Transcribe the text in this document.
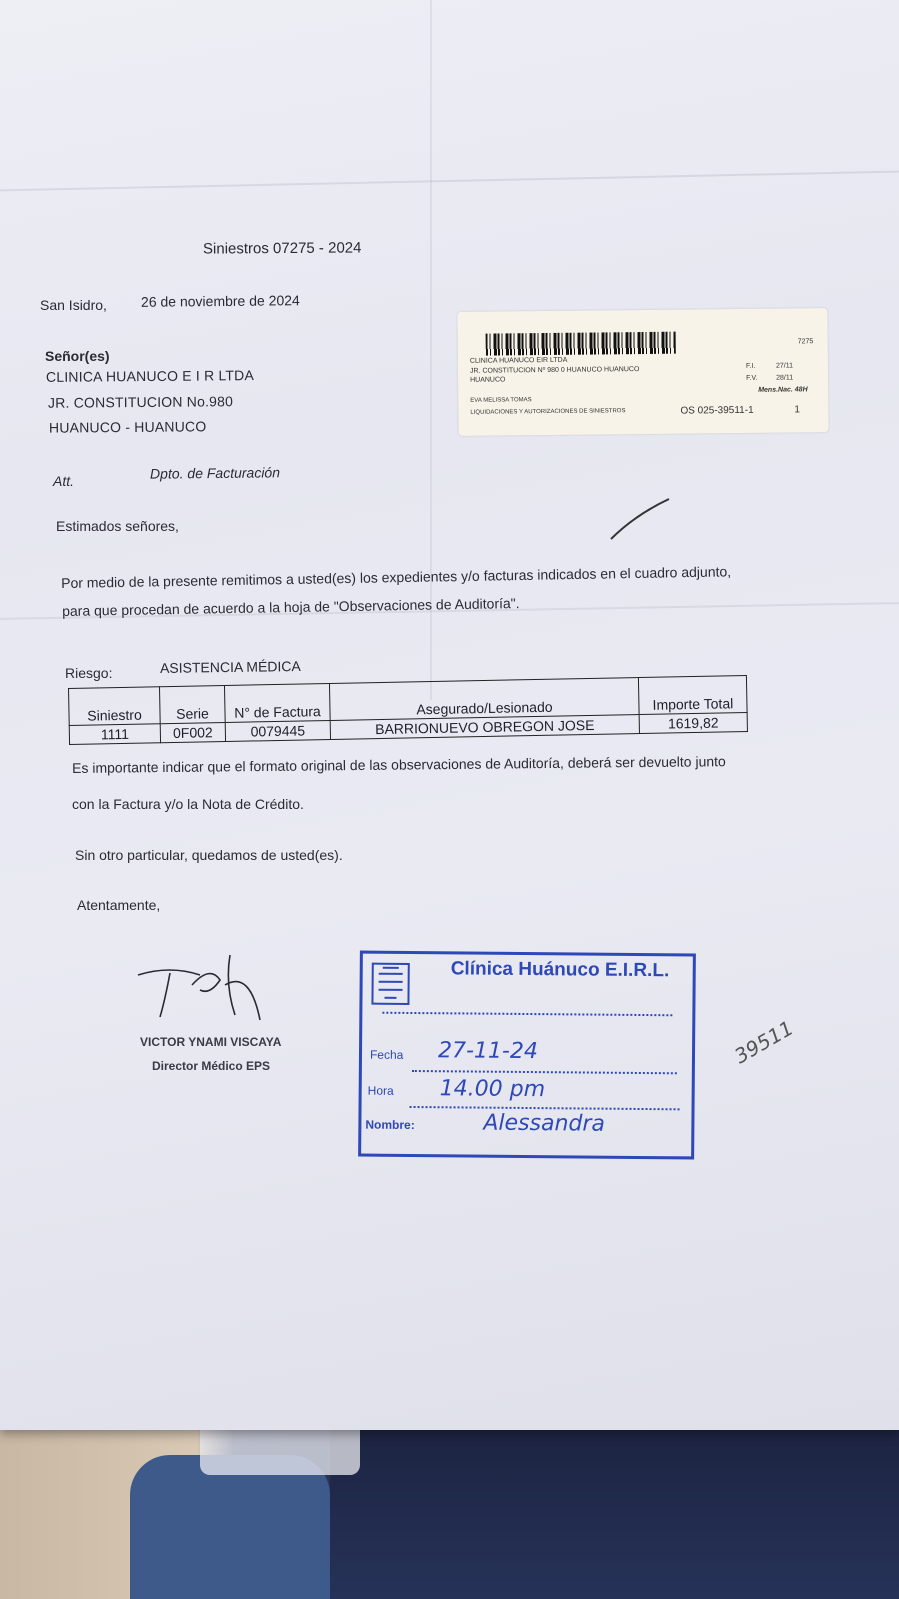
Siniestros 07275 - 2024
San Isidro, 26 de noviembre de 2024
Señor(es)
CLINICA HUANUCO E I R LTDA
JR. CONSTITUCION No.980
HUANUCO - HUANUCO
Att.	Dpto. de Facturación
Estimados señores,
Por medio de la presente remitimos a usted(es) los expedientes y/o facturas indicados en el cuadro adjunto,
para que procedan de acuerdo a la hoja de "Observaciones de Auditoría".
Riesgo:	ASISTENCIA MÉDICA
Siniestro	Serie	N° de Factura	Asegurado/Lesionado	Importe Total
1111	0F002	0079445	BARRIONUEVO OBREGON JOSE	1619,82
Es importante indicar que el formato original de las observaciones de Auditoría, deberá ser devuelto junto
con la Factura y/o la Nota de Crédito.
Sin otro particular, quedamos de usted(es).
Atentamente,
VICTOR YNAMI VISCAYA
Director Médico EPS
7275
CLINICA HUANUCO EIR LTDA
JR. CONSTITUCION Nº 980 0 HUANUCO HUANUCO
HUANUCO
F.I.	27/11
F.V.	28/11
Mens.Nac. 48H
EVA MELISSA TOMAS
LIQUIDACIONES Y AUTORIZACIONES DE SINIESTROS	OS 025-39511-1	1
Clínica Huánuco E.I.R.L.
Fecha 27-11-24
Hora 14.00 pm
Nombre:	Alessandra
39511
